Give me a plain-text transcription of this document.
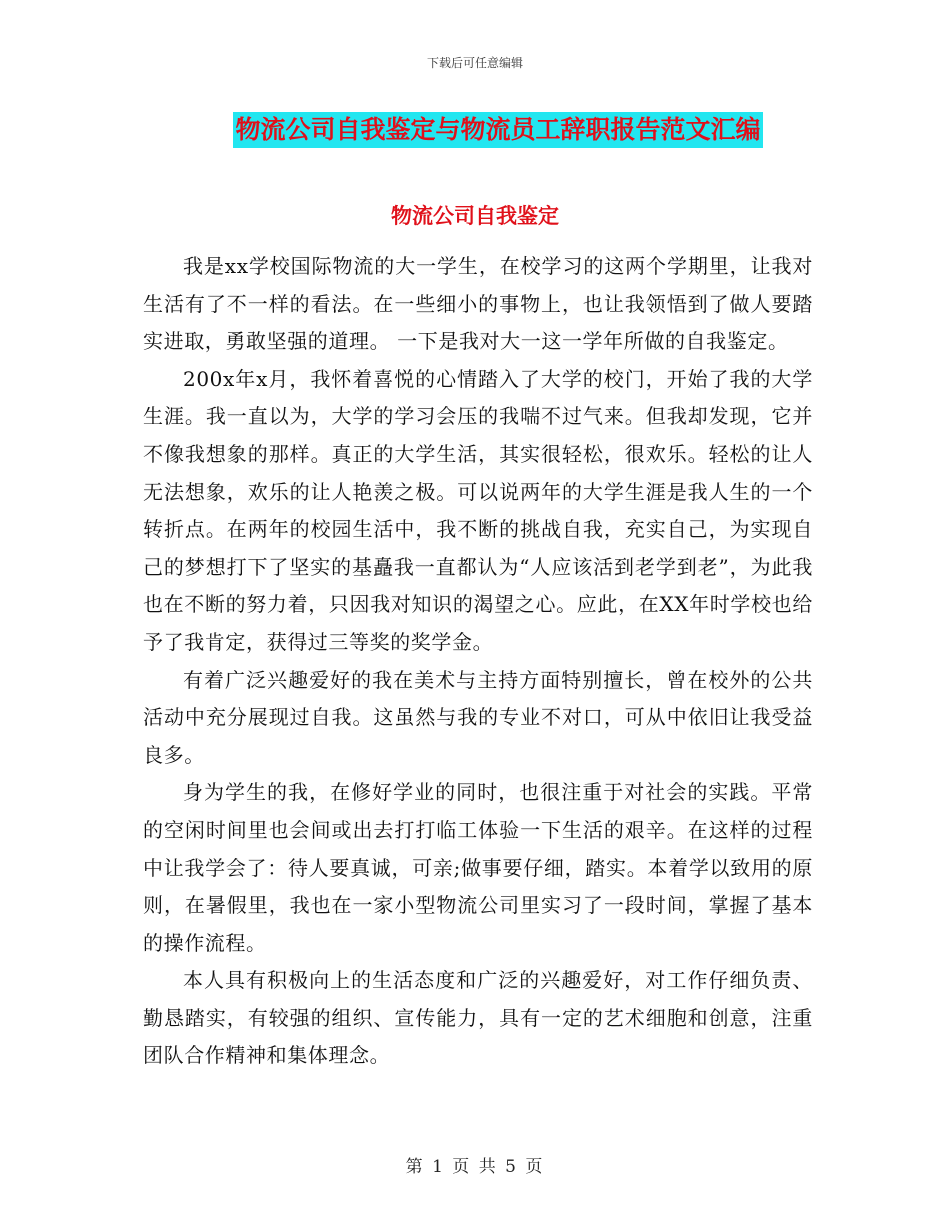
下载后可任意编辑
物流公司自我鉴定与物流员工辞职报告范文汇编
物流公司自我鉴定

我是xx学校国际物流的大一学生，在校学习的这两个学期里，让我对生活有了不一样的看法。在一些细小的事物上，也让我领悟到了做人要踏实进取，勇敢坚强的道理。 一下是我对大一这一学年所做的自我鉴定。

200x年x月，我怀着喜悦的心情踏入了大学的校门，开始了我的大学生涯。我一直以为，大学的学习会压的我喘不过气来。但我却发现，它并不像我想象的那样。真正的大学生活，其实很轻松，很欢乐。轻松的让人无法想象，欢乐的让人艳羡之极。可以说两年的大学生涯是我人生的一个转折点。在两年的校园生活中，我不断的挑战自我，充实自己，为实现自己的梦想打下了坚实的基矗我一直都认为“人应该活到老学到老”，为此我也在不断的努力着，只因我对知识的渴望之心。应此，在XX年时学校也给予了我肯定，获得过三等奖的奖学金。

有着广泛兴趣爱好的我在美术与主持方面特别擅长，曾在校外的公共活动中充分展现过自我。这虽然与我的专业不对口，可从中依旧让我受益良多。

身为学生的我，在修好学业的同时，也很注重于对社会的实践。平常的空闲时间里也会间或出去打打临工体验一下生活的艰辛。在这样的过程中让我学会了：待人要真诚，可亲;做事要仔细，踏实。本着学以致用的原则，在暑假里，我也在一家小型物流公司里实习了一段时间，掌握了基本的操作流程。

本人具有积极向上的生活态度和广泛的兴趣爱好，对工作仔细负责、勤恳踏实，有较强的组织、宣传能力，具有一定的艺术细胞和创意，注重团队合作精神和集体理念。

第 1 页 共 5 页
